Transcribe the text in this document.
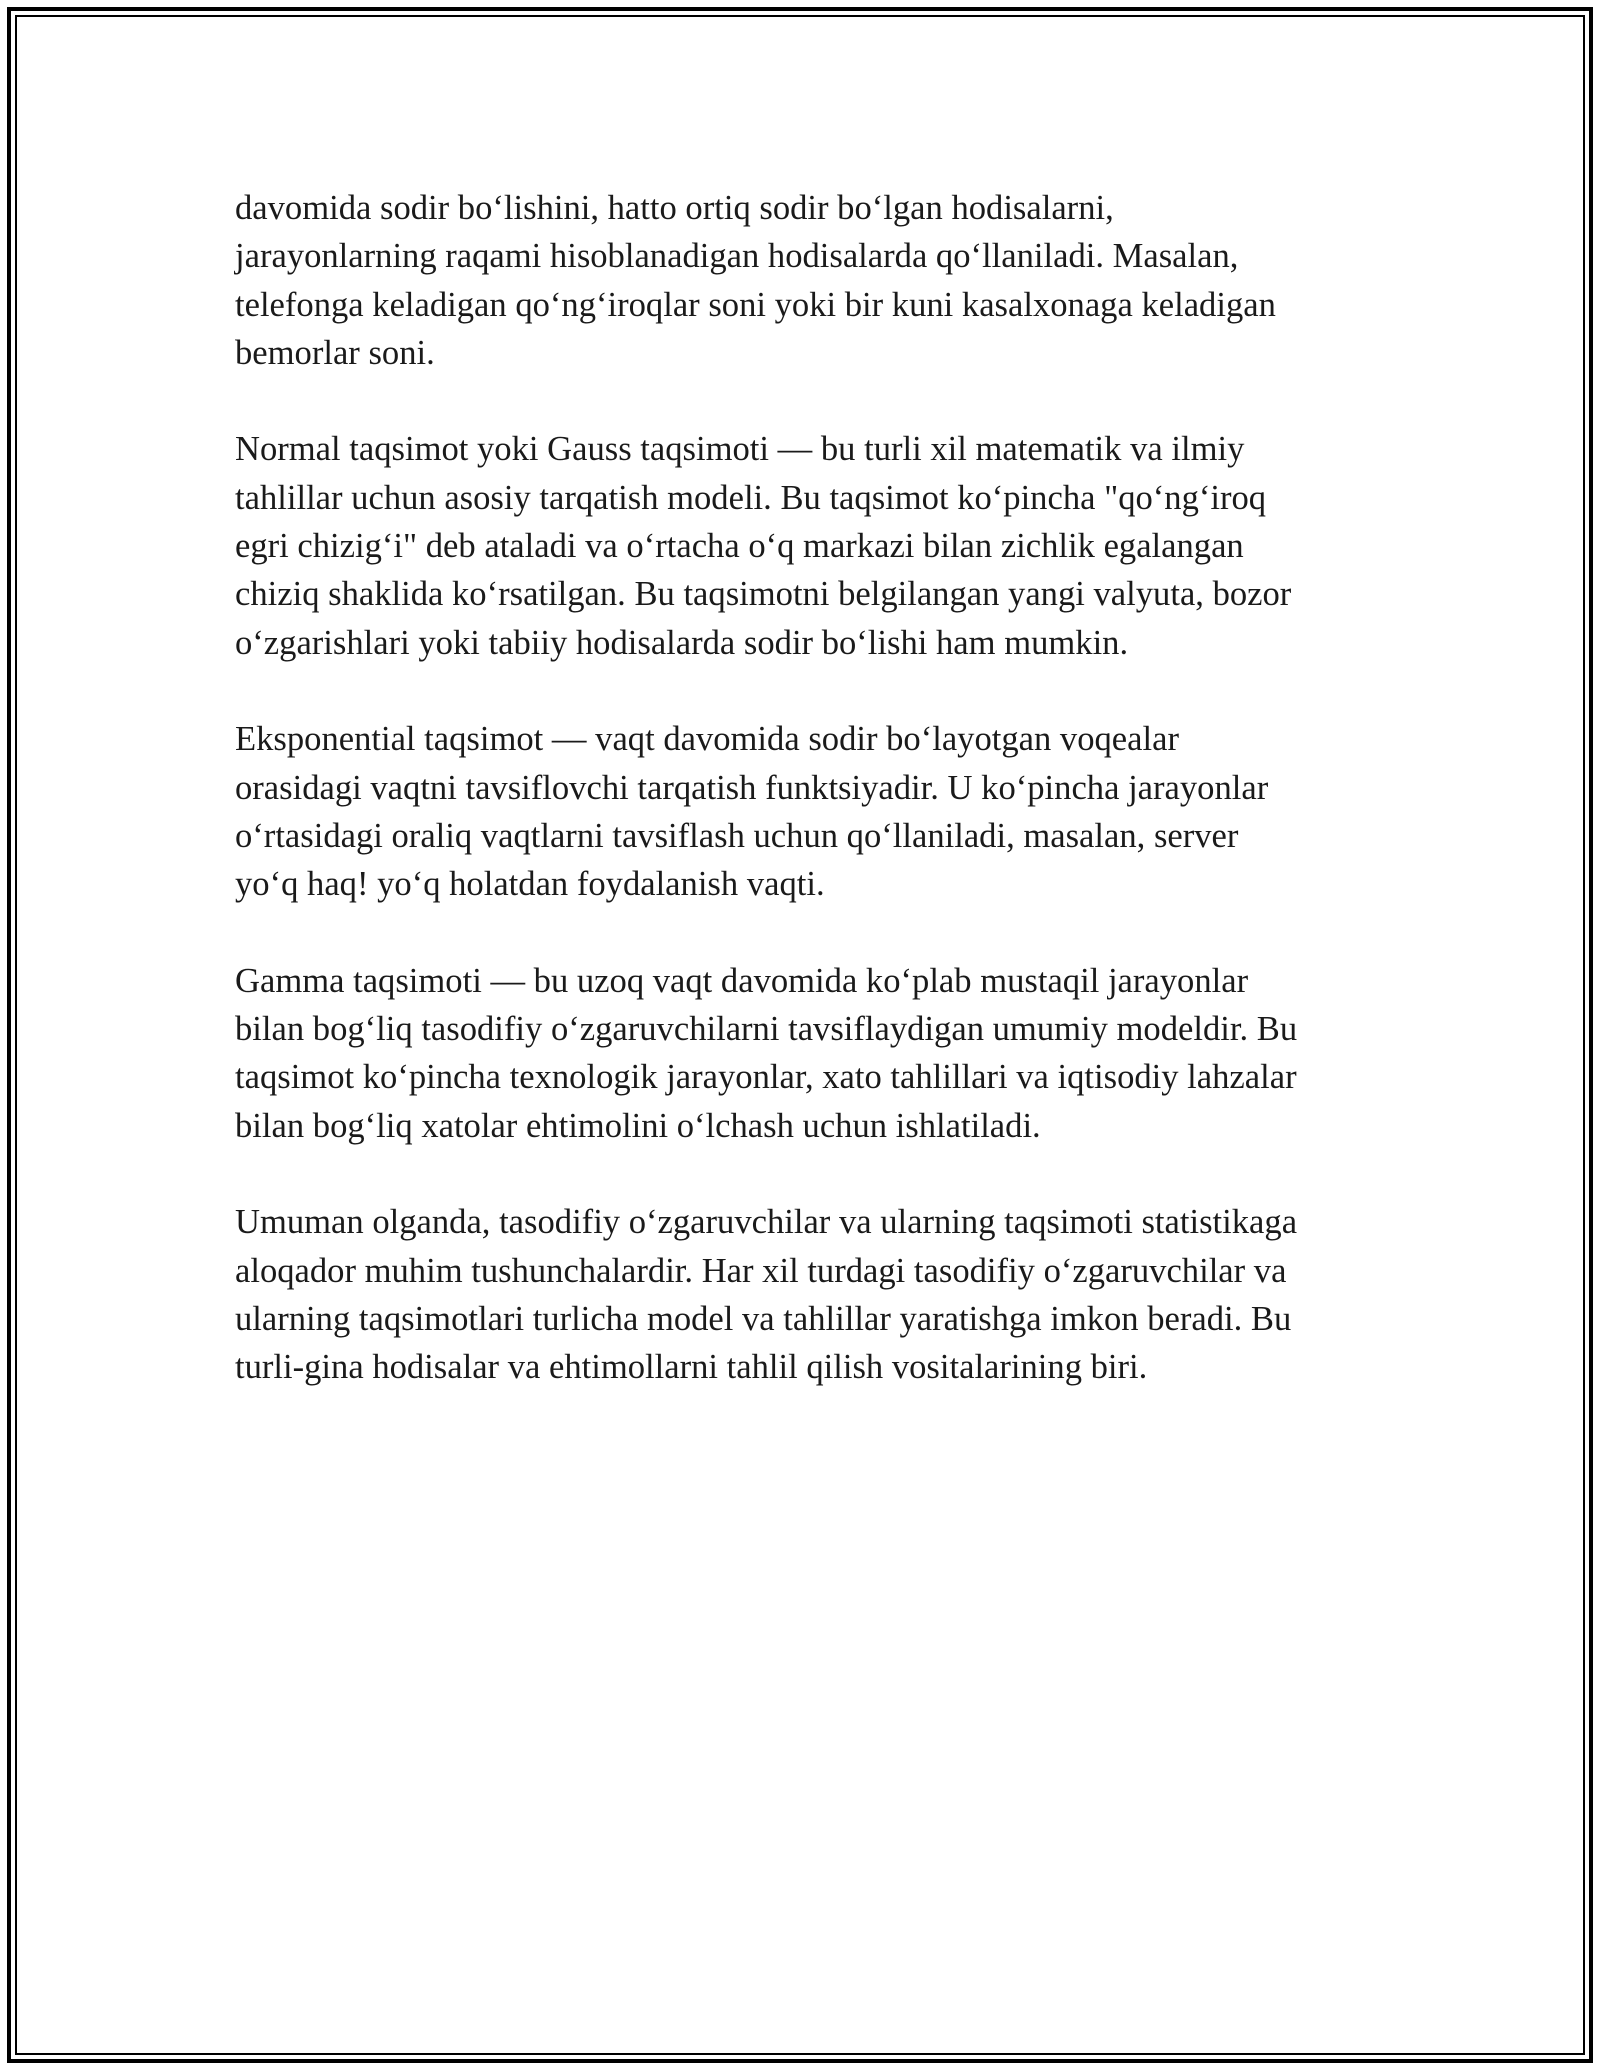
davomida sodir bo‘lishini, hatto ortiq sodir bo‘lgan hodisalarni,
jarayonlarning raqami hisoblanadigan hodisalarda qo‘llaniladi. Masalan,
telefonga keladigan qo‘ng‘iroqlar soni yoki bir kuni kasalxonaga keladigan
bemorlar soni.

Normal taqsimot yoki Gauss taqsimoti — bu turli xil matematik va ilmiy
tahlillar uchun asosiy tarqatish modeli. Bu taqsimot ko‘pincha "qo‘ng‘iroq
egri chizig‘i" deb ataladi va o‘rtacha o‘q markazi bilan zichlik egalangan
chiziq shaklida ko‘rsatilgan. Bu taqsimotni belgilangan yangi valyuta, bozor
o‘zgarishlari yoki tabiiy hodisalarda sodir bo‘lishi ham mumkin.

Eksponential taqsimot — vaqt davomida sodir bo‘layotgan voqealar
orasidagi vaqtni tavsiflovchi tarqatish funktsiyadir. U ko‘pincha jarayonlar
o‘rtasidagi oraliq vaqtlarni tavsiflash uchun qo‘llaniladi, masalan, server
yo‘q haq! yo‘q holatdan foydalanish vaqti.

Gamma taqsimoti — bu uzoq vaqt davomida ko‘plab mustaqil jarayonlar
bilan bog‘liq tasodifiy o‘zgaruvchilarni tavsiflaydigan umumiy modeldir. Bu
taqsimot ko‘pincha texnologik jarayonlar, xato tahlillari va iqtisodiy lahzalar
bilan bog‘liq xatolar ehtimolini o‘lchash uchun ishlatiladi.

Umuman olganda, tasodifiy o‘zgaruvchilar va ularning taqsimoti statistikaga
aloqador muhim tushunchalardir. Har xil turdagi tasodifiy o‘zgaruvchilar va
ularning taqsimotlari turlicha model va tahlillar yaratishga imkon beradi. Bu
turli-gina hodisalar va ehtimollarni tahlil qilish vositalarining biri.
